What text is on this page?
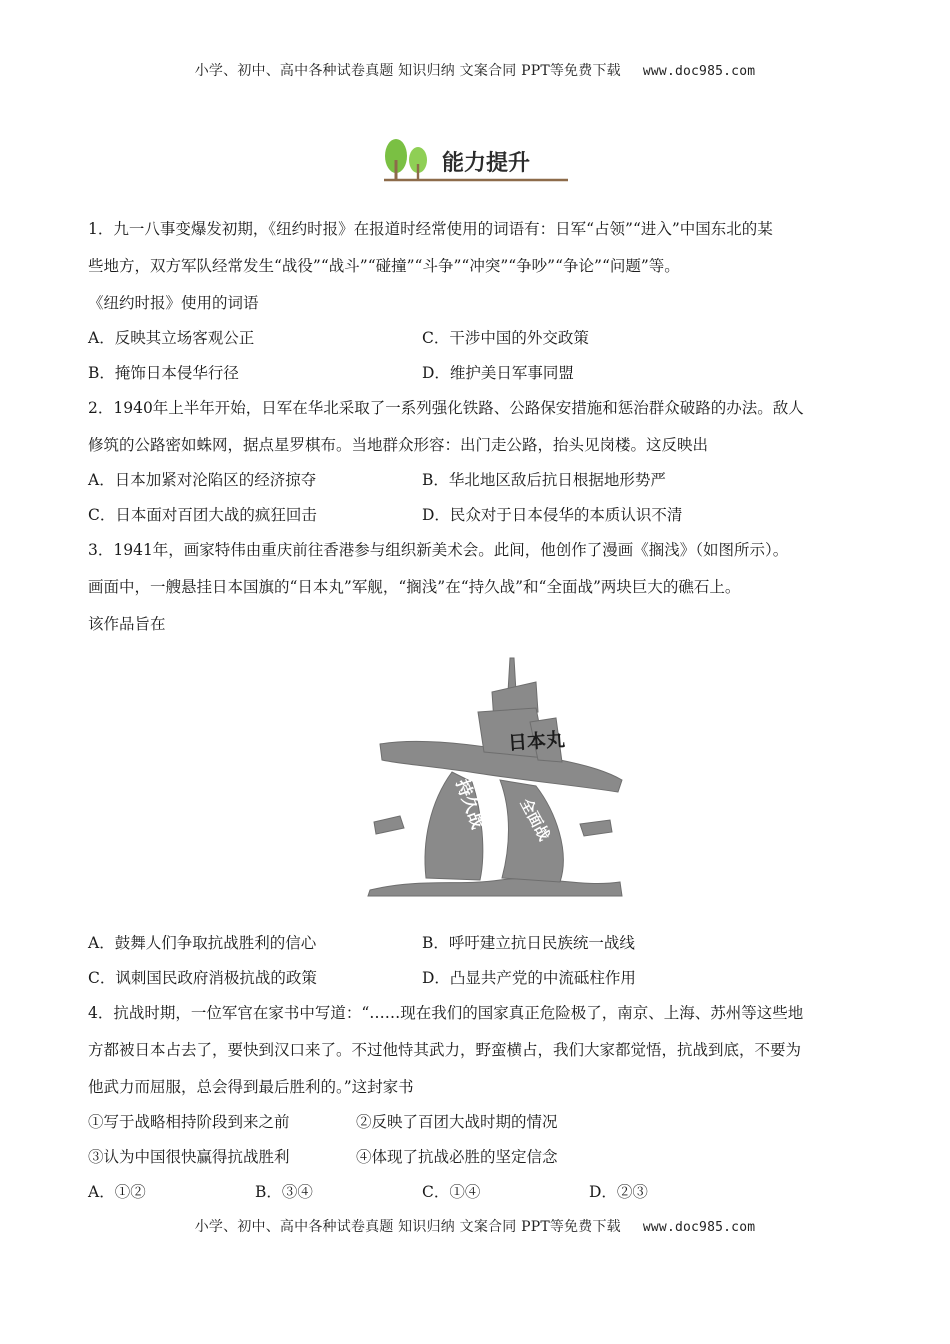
小学、初中、高中各种试卷真题 知识归纳 文案合同 PPT等免费下载 www.doc985.com
能力提升
1．九一八事变爆发初期，《纽约时报》在报道时经常使用的词语有：日军“占领”“进入”中国东北的某
些地方，双方军队经常发生“战役”“战斗”“碰撞”“斗争”“冲突”“争吵”“争论”“问题”等。
《纽约时报》使用的词语
A．反映其立场客观公正	C．干涉中国的外交政策
B．掩饰日本侵华行径	D．维护美日军事同盟
2．1940年上半年开始，日军在华北采取了一系列强化铁路、公路保安措施和惩治群众破路的办法。敌人
修筑的公路密如蛛网，据点星罗棋布。当地群众形容：出门走公路，抬头见岗楼。这反映出
A．日本加紧对沦陷区的经济掠夺	B．华北地区敌后抗日根据地形势严
C．日本面对百团大战的疯狂回击	D．民众对于日本侵华的本质认识不清
3．1941年，画家特伟由重庆前往香港参与组织新美术会。此间，他创作了漫画《搁浅》（如图所示）。
画面中，一艘悬挂日本国旗的“日本丸”军舰，“搁浅”在“持久战”和“全面战”两块巨大的礁石上。
该作品旨在
日本丸
持久战 全面战
A．鼓舞人们争取抗战胜利的信心	B．呼吁建立抗日民族统一战线
C．讽刺国民政府消极抗战的政策	D．凸显共产党的中流砥柱作用
4．抗战时期，一位军官在家书中写道：“……现在我们的国家真正危险极了，南京、上海、苏州等这些地
方都被日本占去了，要快到汉口来了。不过他恃其武力，野蛮横占，我们大家都觉悟，抗战到底，不要为
他武力而屈服，总会得到最后胜利的。”这封家书
①写于战略相持阶段到来之前	②反映了百团大战时期的情况
③认为中国很快赢得抗战胜利	④体现了抗战必胜的坚定信念
A．①②	B．③④	C．①④	D．②③
小学、初中、高中各种试卷真题 知识归纳 文案合同 PPT等免费下载 www.doc985.com
